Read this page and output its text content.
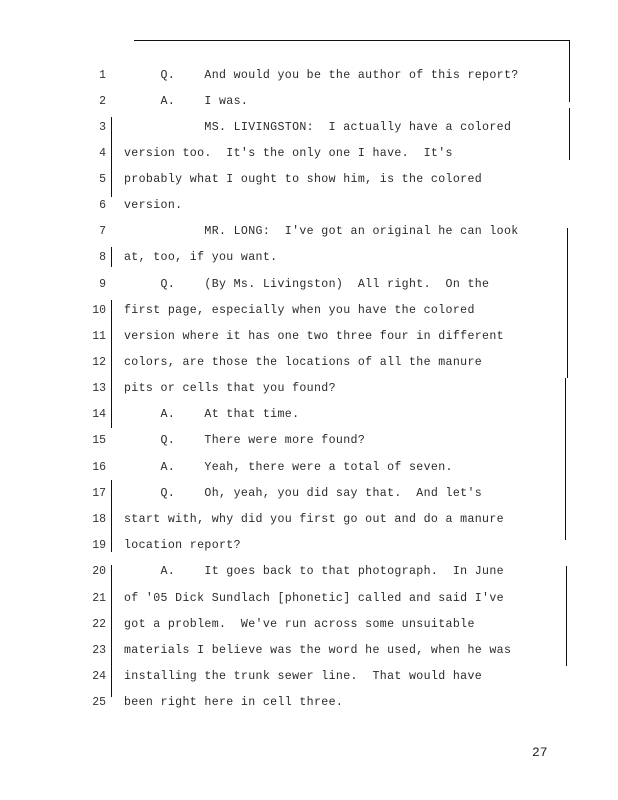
1 Q.    And would you be the author of this report?
2 A.    I was.
3 MS. LIVINGSTON:  I actually have a colored
4 version too.  It's the only one I have.  It's
5 probably what I ought to show him, is the colored
6 version.
7 MR. LONG:  I've got an original he can look
8 at, too, if you want.
9 Q.    (By Ms. Livingston)  All right.  On the
10 first page, especially when you have the colored
11 version where it has one two three four in different
12 colors, are those the locations of all the manure
13 pits or cells that you found?
14 A.    At that time.
15 Q.    There were more found?
16 A.    Yeah, there were a total of seven.
17 Q.    Oh, yeah, you did say that.  And let's
18 start with, why did you first go out and do a manure
19 location report?
20 A.    It goes back to that photograph.  In June
21 of '05 Dick Sundlach [phonetic] called and said I've
22 got a problem.  We've run across some unsuitable
23 materials I believe was the word he used, when he was
24 installing the trunk sewer line.  That would have
25 been right here in cell three.
27
